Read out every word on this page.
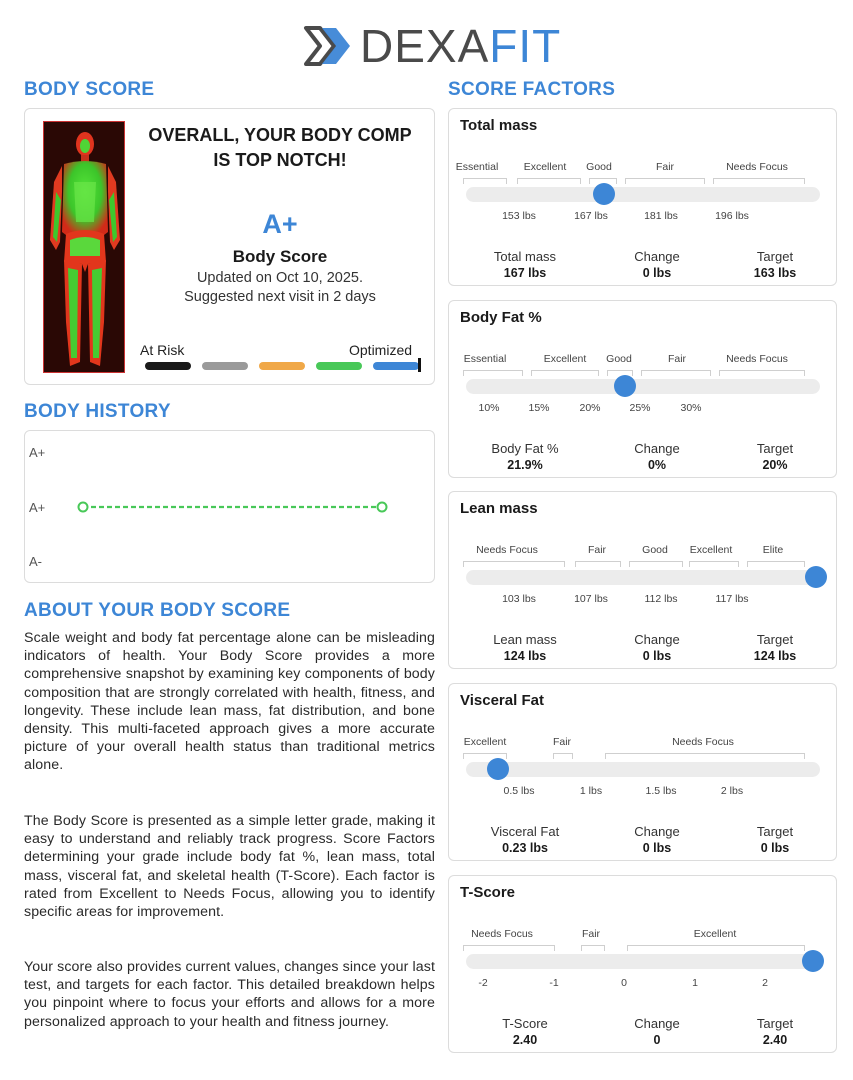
DEXAFIT
BODY SCORE
OVERALL, YOUR BODY COMP IS TOP NOTCH!
A+
Body Score
Updated on Oct 10, 2025.
Suggested next visit in 2 days
At Risk	Optimized
BODY HISTORY
A+
A+
A-
ABOUT YOUR BODY SCORE

Scale weight and body fat percentage alone can be misleading indicators of health. Your Body Score provides a more comprehensive snapshot by examining key components of body composition that are strongly correlated with health, fitness, and longevity. These include lean mass, fat distribution, and bone density. This multi-faceted approach gives a more accurate picture of your overall health status than traditional metrics alone.

The Body Score is presented as a simple letter grade, making it easy to understand and reliably track progress. Score Factors determining your grade include body fat %, lean mass, total mass, visceral fat, and skeletal health (T-Score). Each factor is rated from Excellent to Needs Focus, allowing you to identify specific areas for improvement.

Your score also provides current values, changes since your last test, and targets for each factor. This detailed breakdown helps you pinpoint where to focus your efforts and allows for a more personalized approach to your health and fitness journey.

SCORE FACTORS
Total mass
Essential Excellent Good	Fair	Needs Focus
153 lbs	167 lbs	181 lbs	196 lbs
Total mass
167 lbs
Change
0 lbs
Target
163 lbs
Body Fat %
Essential	Excellent Good	Fair	Needs Focus
10%	15%	20%	25%	30%
Body Fat %
21.9%
Change
0%
Target
20%
Lean mass
Needs Focus	Fair	Good Excellent	Elite
103 lbs	107 lbs	112 lbs	117 lbs
Lean mass
124 lbs
Change
0 lbs
Target
124 lbs
Visceral Fat
Excellent	Fair	Needs Focus
0.5 lbs	1 lbs	1.5 lbs	2 lbs
Visceral Fat
0.23 lbs
Change
0 lbs
Target
0 lbs
T-Score
Needs Focus	Fair	Excellent
-2	-1	0	1	2
T-Score
2.40
Change
0
Target
2.40
